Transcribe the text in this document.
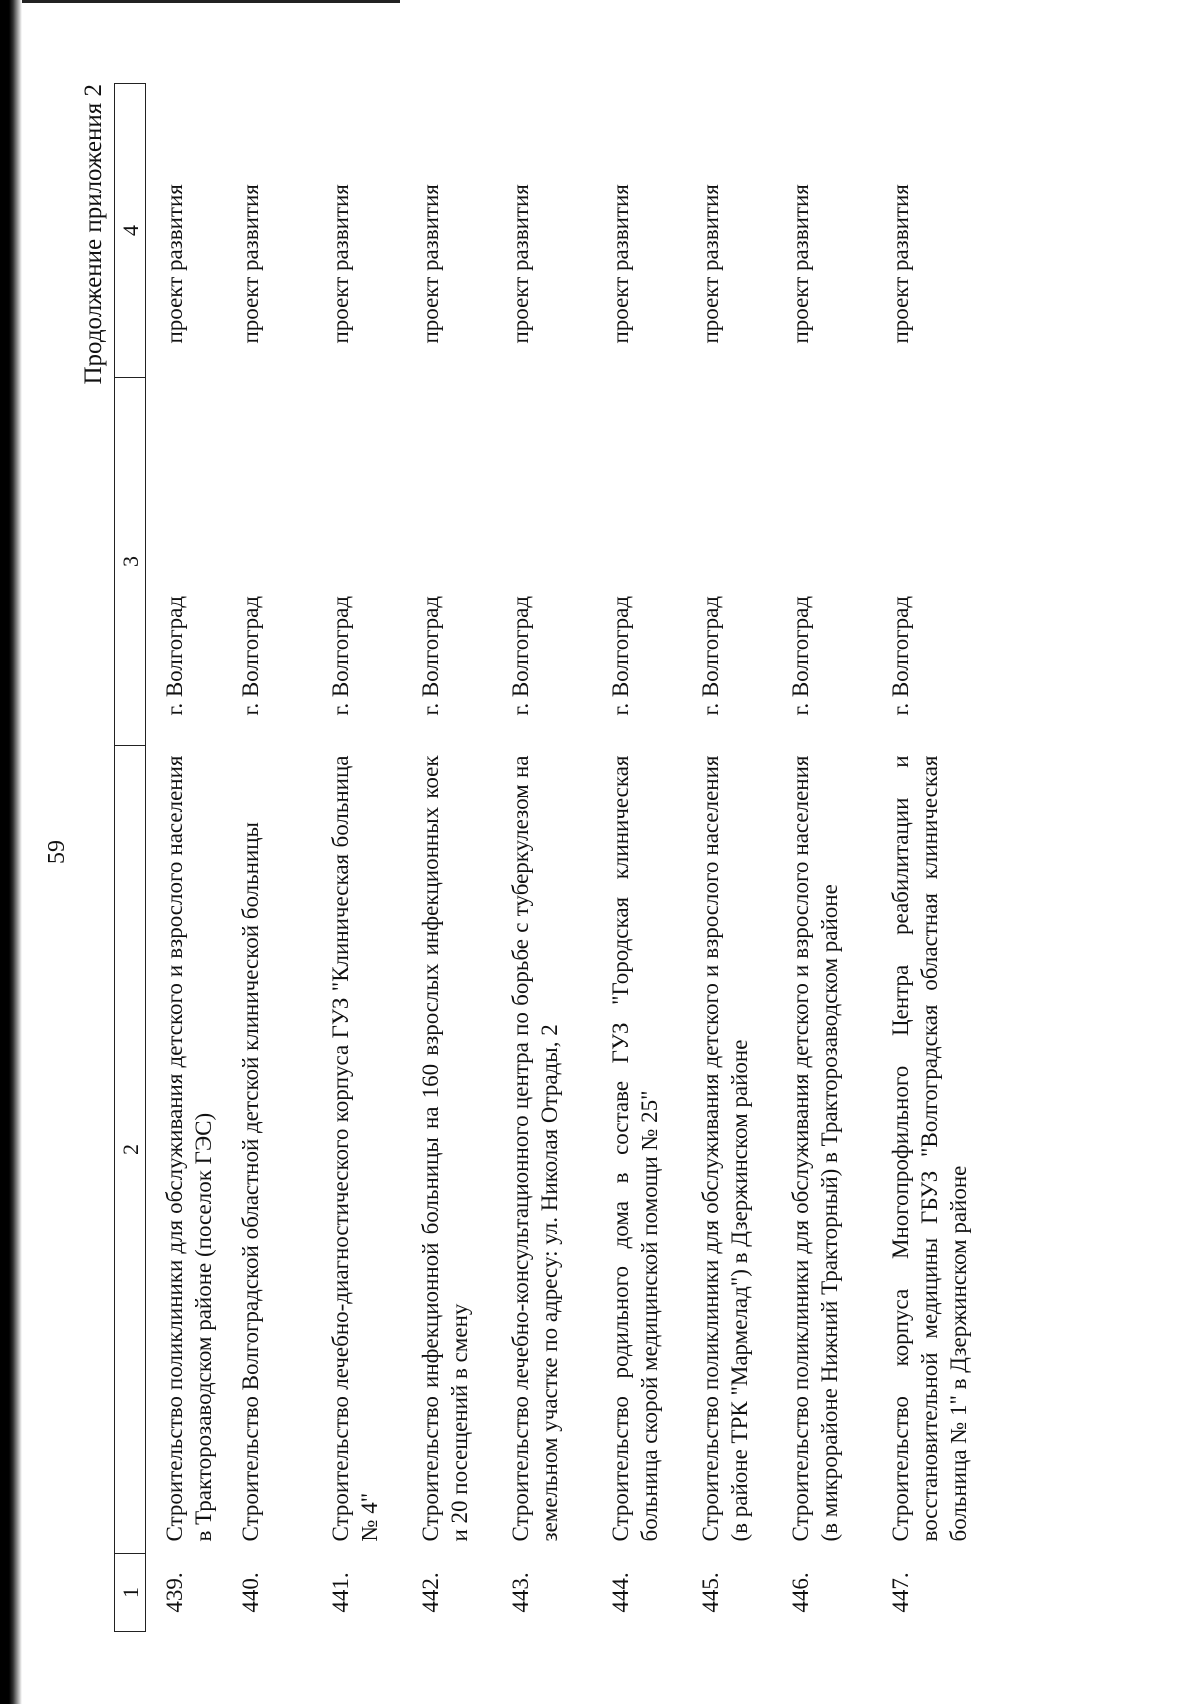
59
Продолжение приложения 2
1	2	3	4
439.	Строительство поликлиники для обслуживания детского и взрослого населения в Тракторозаводском районе (поселок ГЭС)	г. Волгоград	проект развития
440.	Строительство Волгоградской областной детской клинической больницы	г. Волгоград	проект развития
441.	Строительство лечебно-диагностического корпуса ГУЗ "Клиническая больница № 4"	г. Волгоград	проект развития
442.	Строительство инфекционной больницы на 160 взрослых инфекционных коек и 20 посещений в смену	г. Волгоград	проект развития
443.	Строительство лечебно-консультационного центра по борьбе с туберкулезом на земельном участке по адресу: ул. Николая Отрады, 2	г. Волгоград	проект развития
444.	Строительство родильного дома в составе ГУЗ "Городская клиническая больница скорой медицинской помощи № 25"	г. Волгоград	проект развития
445.	Строительство поликлиники для обслуживания детского и взрослого населения (в районе ТРК "Мармелад") в Дзержинском районе	г. Волгоград	проект развития
446.	Строительство поликлиники для обслуживания детского и взрослого населения (в микрорайоне Нижний Тракторный) в Тракторозаводском районе	г. Волгоград	проект развития
447.	Строительство корпуса Многопрофильного Центра реабилитации и восстановительной медицины ГБУЗ "Волгоградская областная клиническая больница № 1" в Дзержинском районе	г. Волгоград	проект развития
